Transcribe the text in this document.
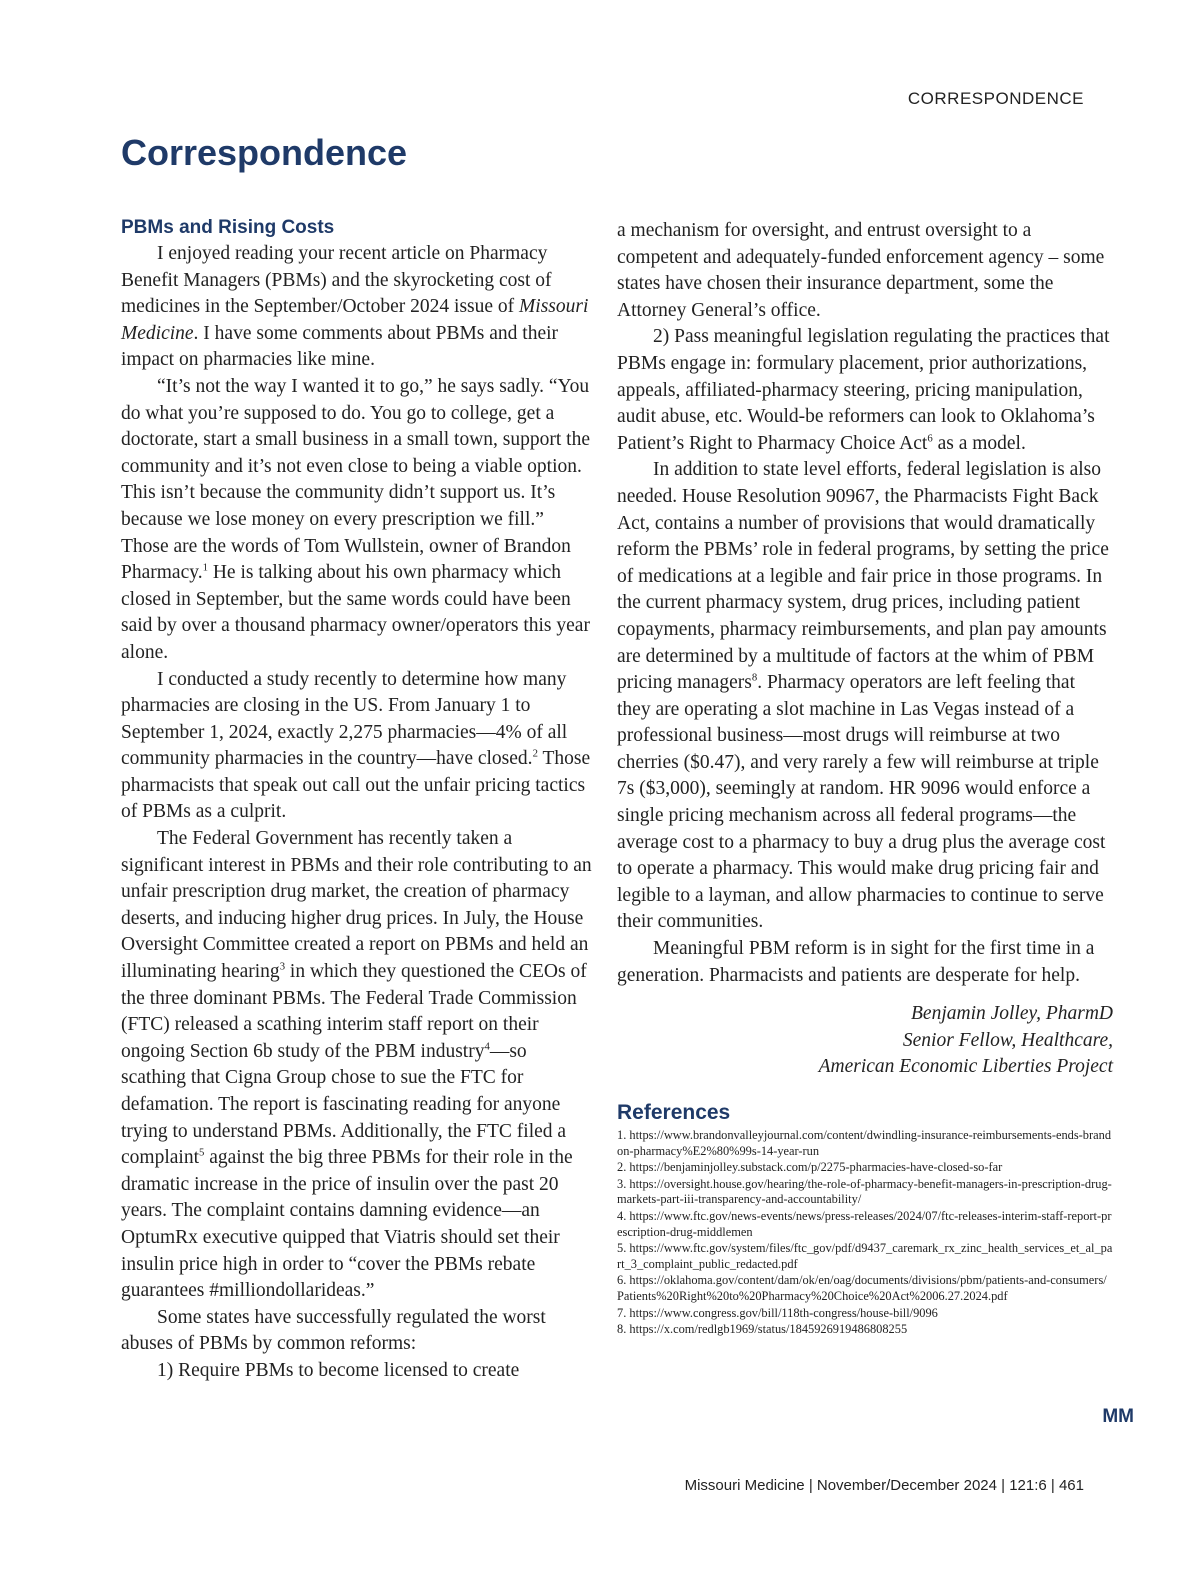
CORRESPONDENCE
Correspondence
PBMs and Rising Costs

I enjoyed reading your recent article on Pharmacy Benefit Managers (PBMs) and the skyrocketing cost of medicines in the September/October 2024 issue of Missouri Medicine. I have some comments about PBMs and their impact on pharmacies like mine.

“It’s not the way I wanted it to go,” he says sadly. “You do what you’re supposed to do. You go to college, get a doctorate, start a small business in a small town, support the community and it’s not even close to being a viable option. This isn’t because the community didn’t support us. It’s because we lose money on every prescription we fill.” Those are the words of Tom Wullstein, owner of Brandon Pharmacy.$^1$ He is talking about his own pharmacy which closed in September, but the same words could have been said by over a thousand pharmacy owner/operators this year alone.

I conducted a study recently to determine how many pharmacies are closing in the US. From January 1 to September 1, 2024, exactly 2,275 pharmacies—4% of all community pharmacies in the country—have closed.$^2$ Those pharmacists that speak out call out the unfair pricing tactics of PBMs as a culprit.

The Federal Government has recently taken a significant interest in PBMs and their role contributing to an unfair prescription drug market, the creation of pharmacy deserts, and inducing higher drug prices. In July, the House Oversight Committee created a report on PBMs and held an illuminating hearing$^3$ in which they questioned the CEOs of the three dominant PBMs. The Federal Trade Commission (FTC) released a scathing interim staff report on their ongoing Section 6b study of the PBM industry$^4$—so scathing that Cigna Group chose to sue the FTC for defamation. The report is fascinating reading for anyone trying to understand PBMs. Additionally, the FTC filed a complaint$^5$ against the big three PBMs for their role in the dramatic increase in the price of insulin over the past 20 years. The complaint contains damning evidence—an OptumRx executive quipped that Viatris should set their insulin price high in order to “cover the PBMs rebate guarantees #milliondollarideas.”

Some states have successfully regulated the worst abuses of PBMs by common reforms:

1) Require PBMs to become licensed to create

a mechanism for oversight, and entrust oversight to a competent and adequately-funded enforcement agency – some states have chosen their insurance department, some the Attorney General’s office.

2) Pass meaningful legislation regulating the practices that PBMs engage in: formulary placement, prior authorizations, appeals, affiliated-pharmacy steering, pricing manipulation, audit abuse, etc. Would-be reformers can look to Oklahoma’s Patient’s Right to Pharmacy Choice Act$^6$ as a model.

In addition to state level efforts, federal legislation is also needed. House Resolution 90967, the Pharmacists Fight Back Act, contains a number of provisions that would dramatically reform the PBMs’ role in federal programs, by setting the price of medications at a legible and fair price in those programs. In the current pharmacy system, drug prices, including patient copayments, pharmacy reimbursements, and plan pay amounts are determined by a multitude of factors at the whim of PBM pricing managers$^8$. Pharmacy operators are left feeling that they are operating a slot machine in Las Vegas instead of a professional business—most drugs will reimburse at two cherries ($0.47), and very rarely a few will reimburse at triple 7s ($3,000), seemingly at random. HR 9096 would enforce a single pricing mechanism across all federal programs—the average cost to a pharmacy to buy a drug plus the average cost to operate a pharmacy. This would make drug pricing fair and legible to a layman, and allow pharmacies to continue to serve their communities.

Meaningful PBM reform is in sight for the first time in a generation. Pharmacists and patients are desperate for help.

Benjamin Jolley, PharmD
Senior Fellow, Healthcare,
American Economic Liberties Project
References
1. https://www.brandonvalleyjournal.com/content/dwindling-insurance-reimbursements-ends-brandon-pharmacy%E2%80%99s-14-year-run
2. https://benjaminjolley.substack.com/p/2275-pharmacies-have-closed-so-far
3. https://oversight.house.gov/hearing/the-role-of-pharmacy-benefit-managers-in-prescription-drug-markets-part-iii-transparency-and-accountability/
4. https://www.ftc.gov/news-events/news/press-releases/2024/07/ftc-releases-interim-staff-report-prescription-drug-middlemen
5. https://www.ftc.gov/system/files/ftc_gov/pdf/d9437_caremark_rx_zinc_health_services_et_al_part_3_complaint_public_redacted.pdf
6. https://oklahoma.gov/content/dam/ok/en/oag/documents/divisions/pbm/patients-and-consumers/Patients%20Right%20to%20Pharmacy%20Choice%20Act%2006.27.2024.pdf
7. https://www.congress.gov/bill/118th-congress/house-bill/9096
8. https://x.com/redlgb1969/status/1845926919486808255
MM
Missouri Medicine | November/December 2024 | 121:6 | 461
